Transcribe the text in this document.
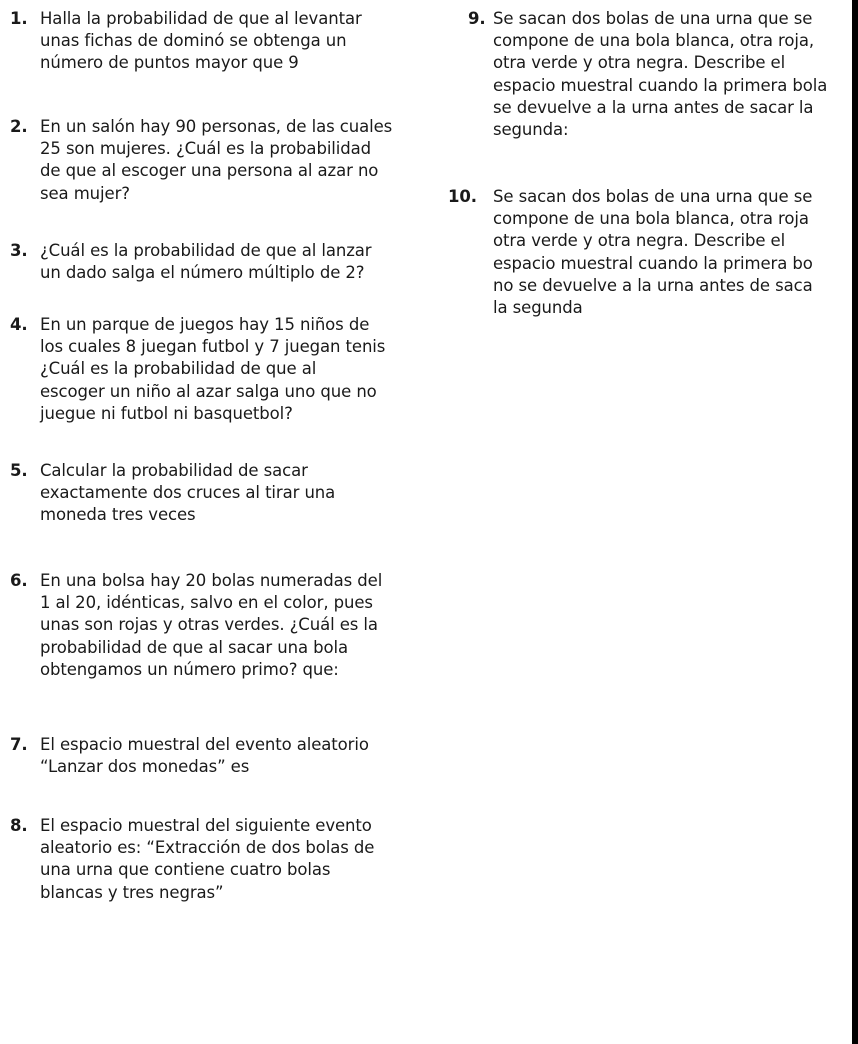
1. Halla la probabilidad de que al levantar
unas fichas de dominó se obtenga un
número de puntos mayor que 9
2. En un salón hay 90 personas, de las cuales
25 son mujeres. ¿Cuál es la probabilidad
de que al escoger una persona al azar no
sea mujer?
3. ¿Cuál es la probabilidad de que al lanzar
un dado salga el número múltiplo de 2?
4. En un parque de juegos hay 15 niños de
los cuales 8 juegan futbol y 7 juegan tenis
¿Cuál es la probabilidad de que al
escoger un niño al azar salga uno que no
juegue ni futbol ni basquetbol?
5. Calcular la probabilidad de sacar
exactamente dos cruces al tirar una
moneda tres veces
6. En una bolsa hay 20 bolas numeradas del
1 al 20, idénticas, salvo en el color, pues
unas son rojas y otras verdes. ¿Cuál es la
probabilidad de que al sacar una bola
obtengamos un número primo? que:
7. El espacio muestral del evento aleatorio
“Lanzar dos monedas” es
8. El espacio muestral del siguiente evento
aleatorio es: “Extracción de dos bolas de
una urna que contiene cuatro bolas
blancas y tres negras”
9. Se sacan dos bolas de una urna que se
compone de una bola blanca, otra roja,
otra verde y otra negra. Describe el
espacio muestral cuando la primera bola
se devuelve a la urna antes de sacar la
segunda:
10. Se sacan dos bolas de una urna que se
compone de una bola blanca, otra roja
otra verde y otra negra. Describe el
espacio muestral cuando la primera bo
no se devuelve a la urna antes de saca
la segunda
